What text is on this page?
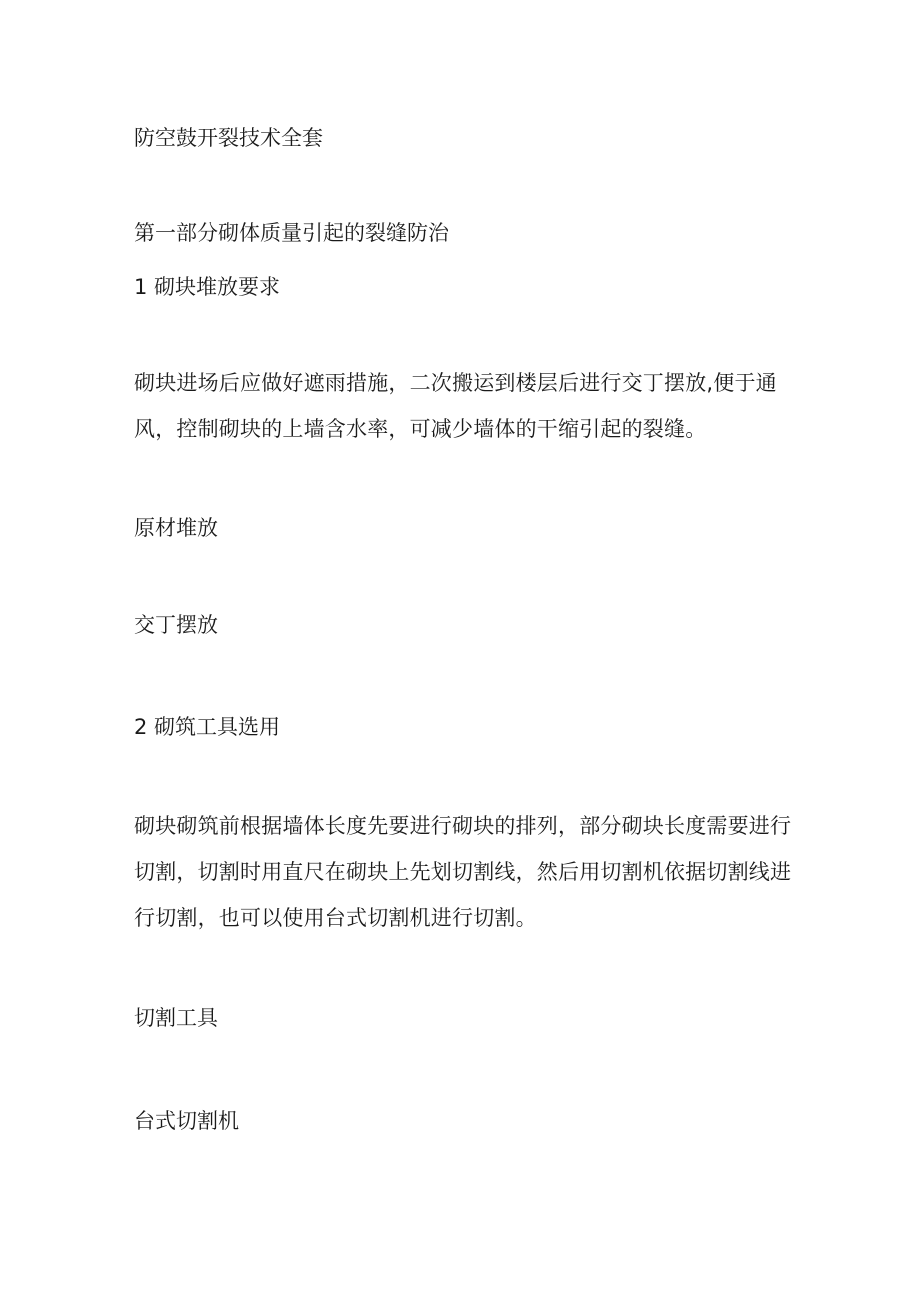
防空鼓开裂技术全套
第一部分砌体质量引起的裂缝防治
1 砌块堆放要求

砌块进场后应做好遮雨措施，二次搬运到楼层后进行交丁摆放,便于通风，控制砌块的上墙含水率，可减少墙体的干缩引起的裂缝。

原材堆放

交丁摆放

2 砌筑工具选用

砌块砌筑前根据墙体长度先要进行砌块的排列，部分砌块长度需要进行切割，切割时用直尺在砌块上先划切割线，然后用切割机依据切割线进行切割，也可以使用台式切割机进行切割。

切割工具

台式切割机
